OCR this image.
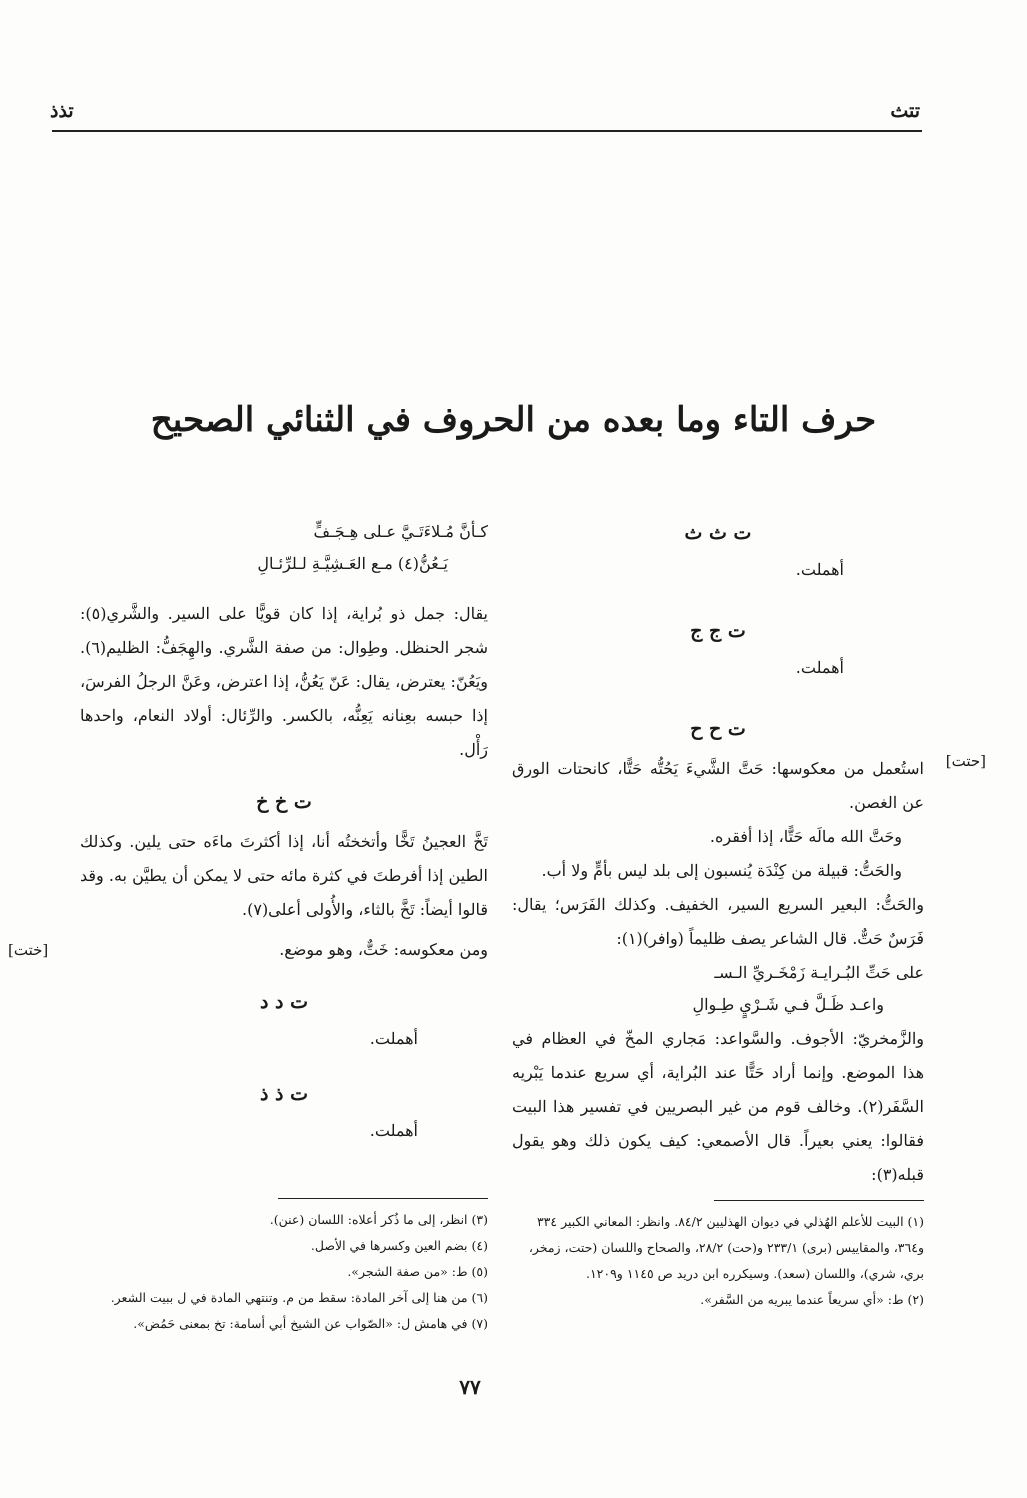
تتث
تذذ
حرف التاء وما بعده من الحروف في الثنائي الصحيح
ت ث ث
أهملت.
ت ج ج
أهملت.
ت ح ح
[حتت]

استُعمل من معكوسها: حَتَّ الشَّيءَ يَحُتُّه حَتًّا، كانحتات الورق عن الغصن.

وحَتَّ الله مالَه حَتًّا، إذا أفقره.

والحَتُّ: قبيلة من كِنْدَة يُنسبون إلى بلد ليس بأمٍّ ولا أب.

والحَتُّ: البعير السريع السير، الخفيف. وكذلك الفَرَس؛ يقال: فَرَسٌ حَتٌّ. قال الشاعر يصف ظليماً (وافر)(١):

على حَتِّ البُـرايـة زَمْخَـريِّ الـسـ
واعـد ظَـلَّ فـي شَـرْيٍ طِـوالِ

والزَّمخريّ: الأجوف. والسَّواعد: مَجاري المخّ في العظام في هذا الموضع. وإنما أراد حَتًّا عند البُراية، أي سريع عندما يَبْريه السَّفَر(٢). وخالف قوم من غير البصريين في تفسير هذا البيت فقالوا: يعني بعيراً. قال الأصمعي: كيف يكون ذلك وهو يقول قبله(٣):

(١) البيت للأعلم الهُذلي في ديوان الهذليين ٨٤/٢. وانظر: المعاني الكبير ٣٣٤ و٣٦٤، والمقاييس (برى) ٢٣٣/١ و(حت) ٢٨/٢، والصحاح واللسان (حتت، زمخر، بري، شري)، واللسان (سعد). وسيكرره ابن دريد ص ١١٤٥ و١٢٠٩.

(٢) ط: «أي سريعاً عندما يبريه من السَّفر».

كـأنَّ مُـلاءَتَـيَّ عـلى هِـجَـفٍّ
يَـعُنُّ(٤) مـع العَـشِيَّـةِ لـلرِّئـالِ

يقال: جمل ذو بُراية، إذا كان قويًّا على السير. والشَّري(٥): شجر الحنظل. وطِوال: من صفة الشَّري. والهِجَفُّ: الظليم(٦). ويَعُنّ: يعترض، يقال: عَنّ يَعُنُّ، إذا اعترض، وعَنَّ الرجلُ الفرسَ، إذا حبسه بعِنانه يَعِنُّه، بالكسر. والرِّئال: أولاد النعام، واحدها رَأْل.

ت خ خ

تَخَّ العجينُ تَخًّا وأتخختُه أنا، إذا أكثرتَ ماءَه حتى يلين. وكذلك الطين إذا أفرطتَ في كثرة مائه حتى لا يمكن أن يطيَّن به. وقد قالوا أيضاً: تَخَّ بالثاء، والأُولى أعلى(٧).

ومن معكوسه: خَتٌّ، وهو موضع.

[ختت]
ت د د
أهملت.
ت ذ ذ
أهملت.

(٣) انظر، إلى ما ذُكر أعلاه: اللسان (عنن).

(٤) بضم العين وكسرها في الأصل.

(٥) ط: «من صفة الشجر».

(٦) من هنا إلى آخر المادة: سقط من م. وتنتهي المادة في ل ببيت الشعر.

(٧) في هامش ل: «الصّواب عن الشيخ أبي أسامة: تخ بمعنى حَمُض».

٧٧
